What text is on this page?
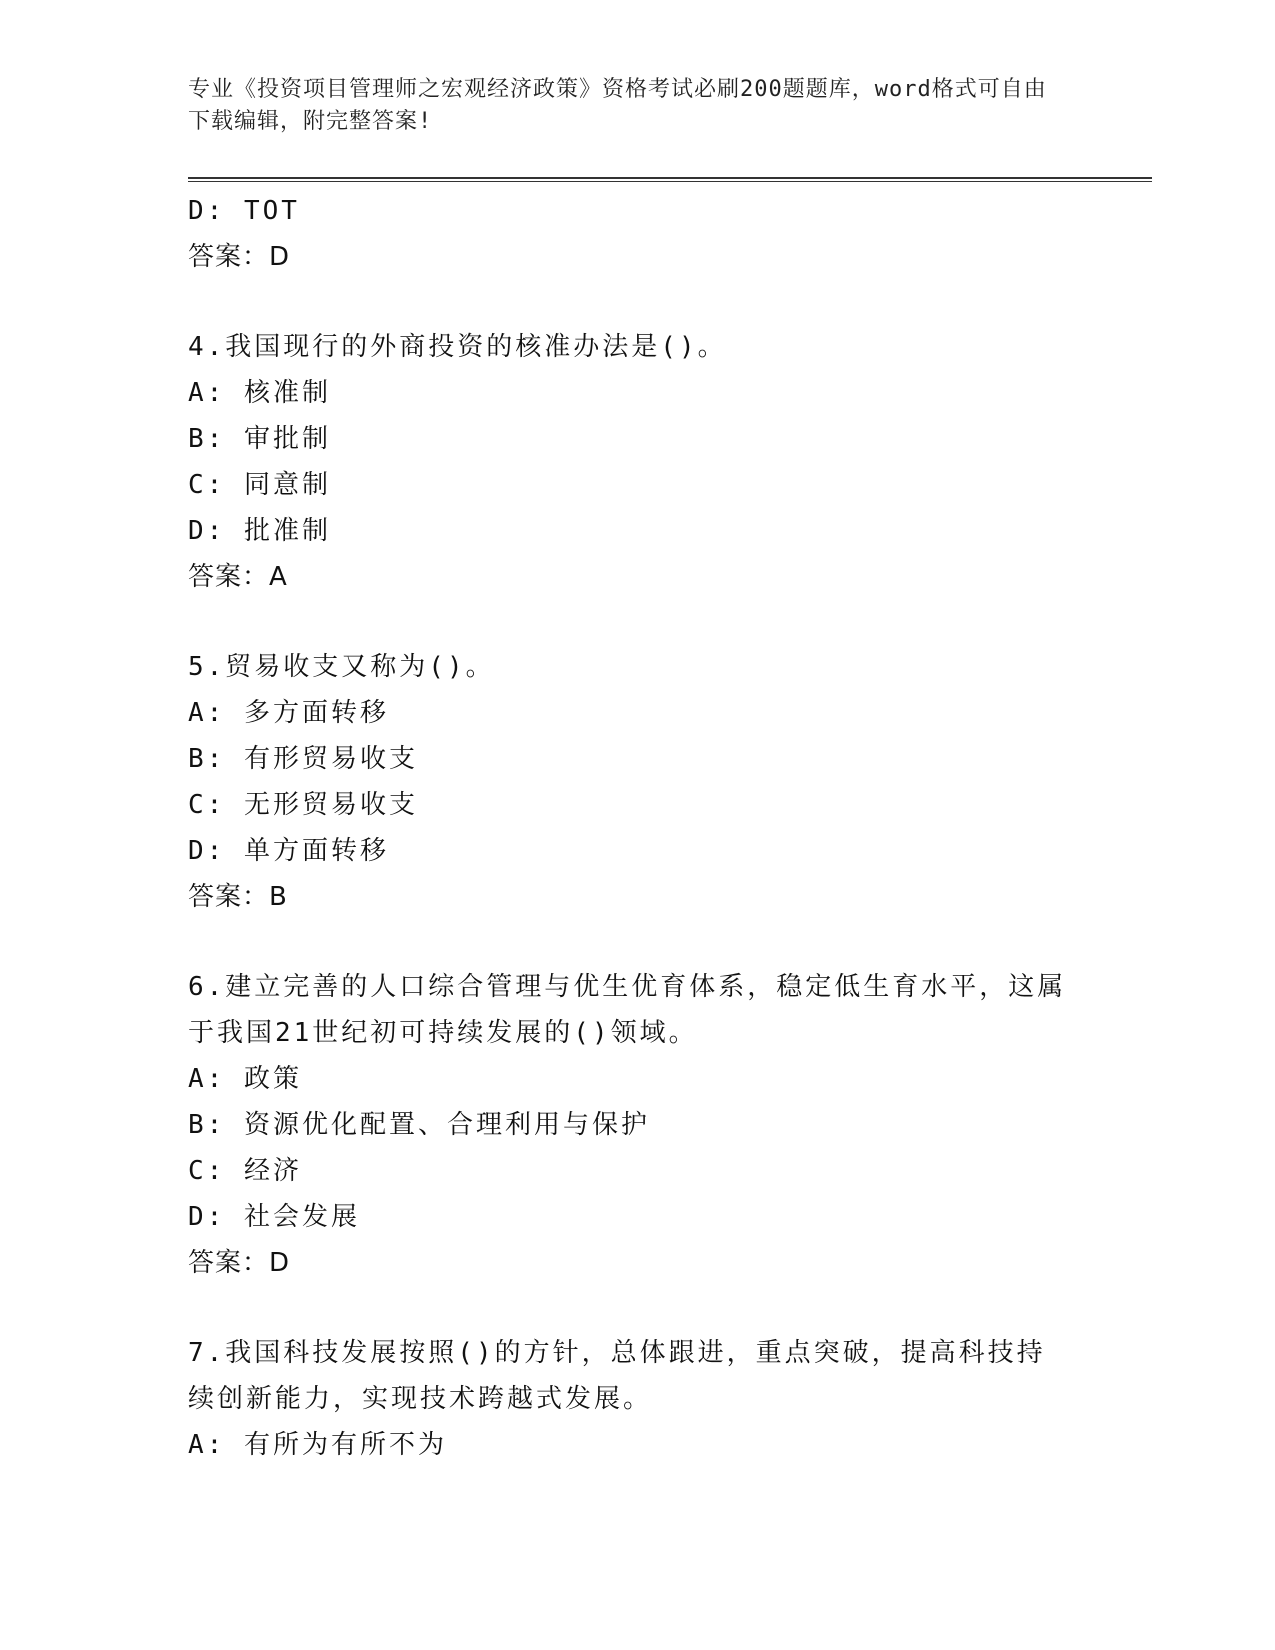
专业《投资项目管理师之宏观经济政策》资格考试必刷200题题库，word格式可自由下载编辑，附完整答案!
D: TOT
答案：D
4.我国现行的外商投资的核准办法是()。
A: 核准制
B: 审批制
C: 同意制
D: 批准制
答案：A
5.贸易收支又称为()。
A: 多方面转移
B: 有形贸易收支
C: 无形贸易收支
D: 单方面转移
答案：B
6.建立完善的人口综合管理与优生优育体系，稳定低生育水平，这属于我国21世纪初可持续发展的()领域。
A: 政策
B: 资源优化配置、合理利用与保护
C: 经济
D: 社会发展
答案：D
7.我国科技发展按照()的方针，总体跟进，重点突破，提高科技持续创新能力，实现技术跨越式发展。
A: 有所为有所不为
